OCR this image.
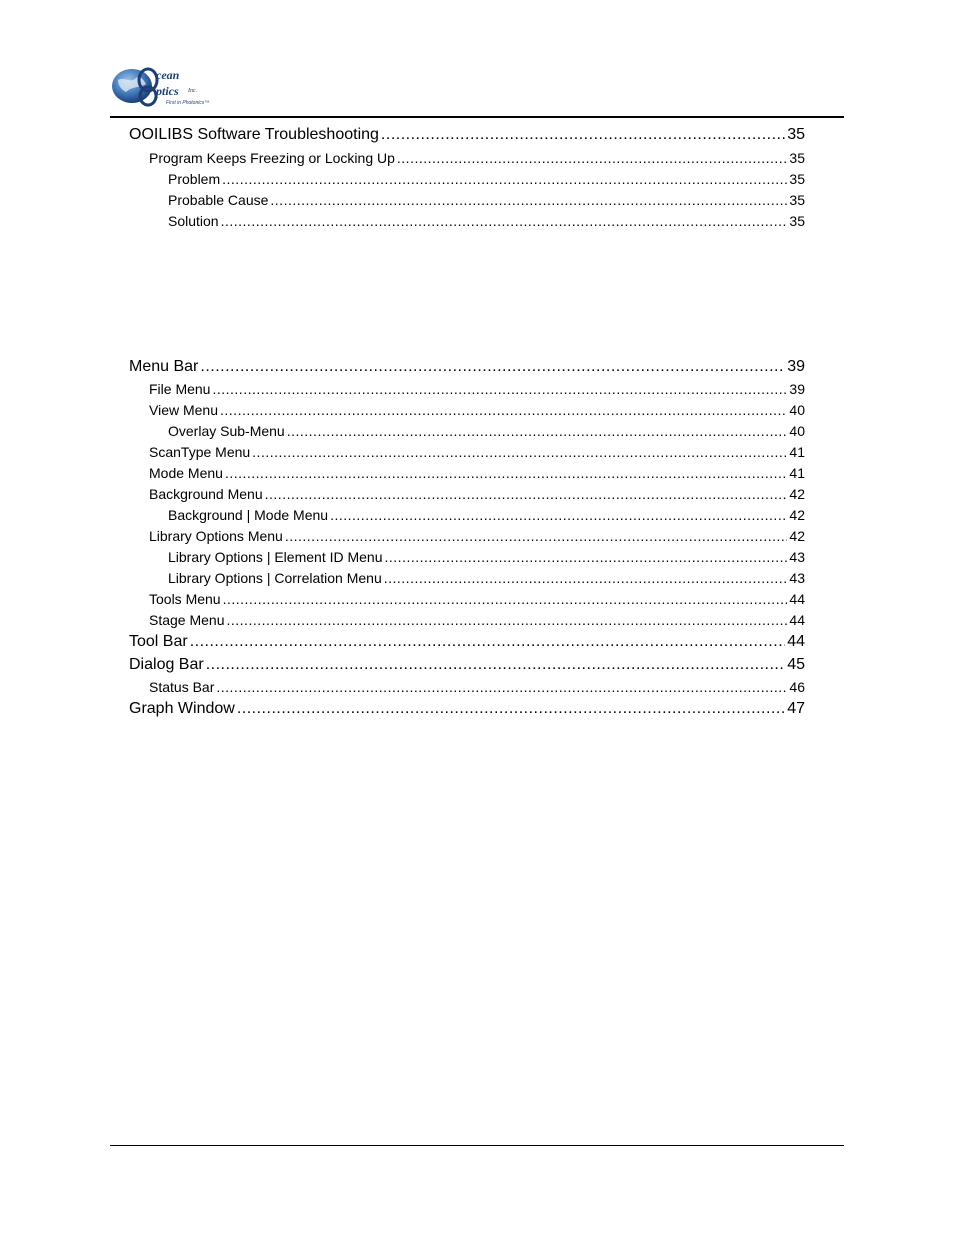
cean
ptics Inc.
First in Photonics™
OOILIBS Software Troubleshooting .....	35
Program Keeps Freezing or Locking Up .....	35
Problem .....	35
Probable Cause .....	35
Solution .....	35
Menu Bar .....	39
File Menu .....	39
View Menu .....	40
Overlay Sub-Menu .....	40
ScanType Menu .....	41
Mode Menu .....	41
Background Menu .....	42
Background | Mode Menu .....	42
Library Options Menu .....	42
Library Options | Element ID Menu .....	43
Library Options | Correlation Menu .....	43
Tools Menu .....	44
Stage Menu .....	44
Tool Bar .....	44
Dialog Bar .....	45
Status Bar .....	46
Graph Window .....	47
